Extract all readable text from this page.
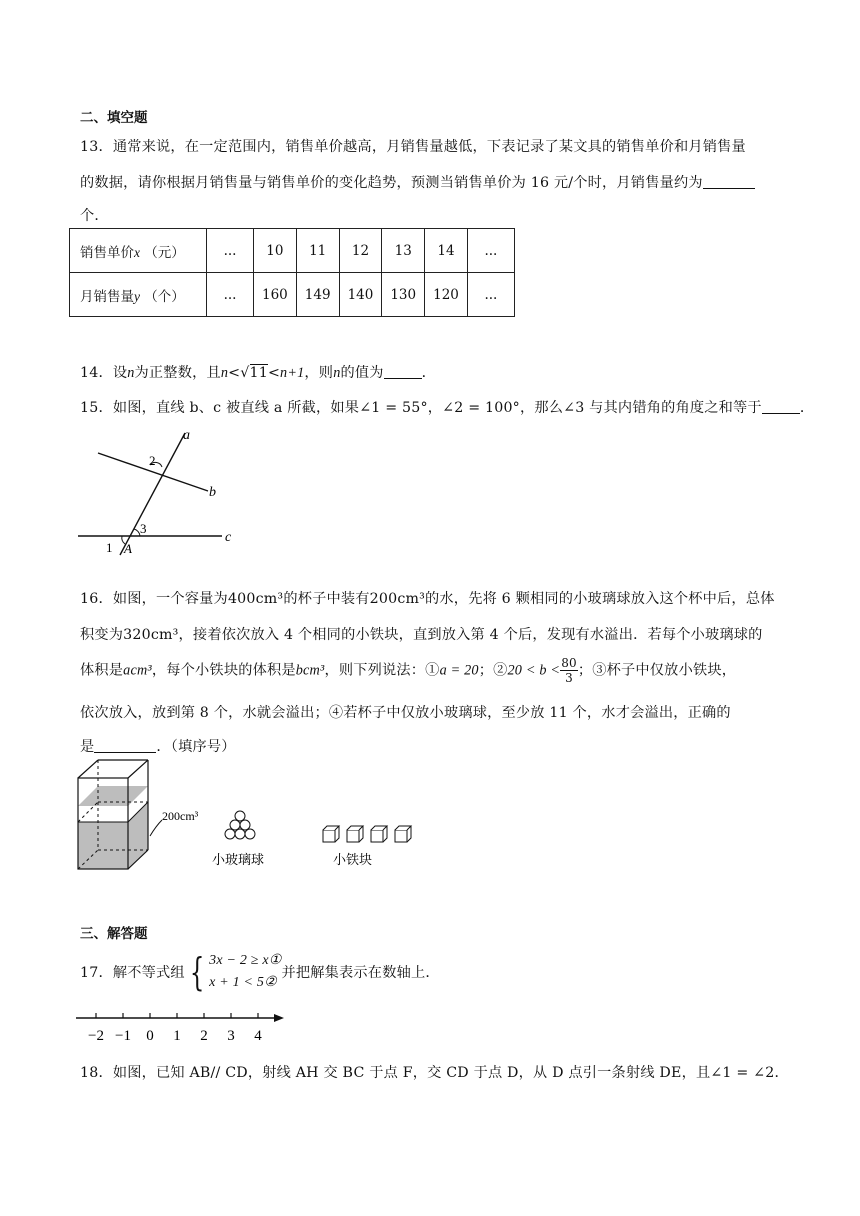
二、填空题
13．通常来说，在一定范围内，销售单价越高，月销售量越低，下表记录了某文具的销售单价和月销售量
的数据，请你根据月销售量与销售单价的变化趋势，预测当销售单价为 16 元/个时，月销售量约为
个．
销售单价x （元）	...	10	11	12	13	14	...
月销售量y （个）	...	160	149	140	130	120	...
14．设n为正整数，且n<√11<n+1，则n的值为	．
15．如图，直线 b、c 被直线 a 所截，如果∠1 = 55°，∠2 = 100°，那么∠3 与其内错角的角度之和等于	．
a
b
c
2
3
1 A
16．如图，一个容量为400cm³的杯子中装有200cm³的水，先将 6 颗相同的小玻璃球放入这个杯中后，总体
积变为320cm³，接着依次放入 4 个相同的小铁块，直到放入第 4 个后，发现有水溢出．若每个小玻璃球的
体积是acm³，每个小铁块的体积是bcm³，则下列说法：①a = 20；②20 < $b < \frac{80}{3}$；③杯子中仅放小铁块，
依次放入，放到第 8 个，水就会溢出；④若杯子中仅放小玻璃球，至少放 11 个，水才会溢出，正确的
是	．（填序号）
200cm³
小玻璃球	小铁块
三、解答题
17．解不等式组 { 3x − 2 ≥ x①
x + 1 < 5②
并把解集表示在数轴上．
−2 −1 0 1 2 3 4
18．如图，已知 AB// CD，射线 AH 交 BC 于点 F，交 CD 于点 D，从 D 点引一条射线 DE，且∠1 = ∠2．
